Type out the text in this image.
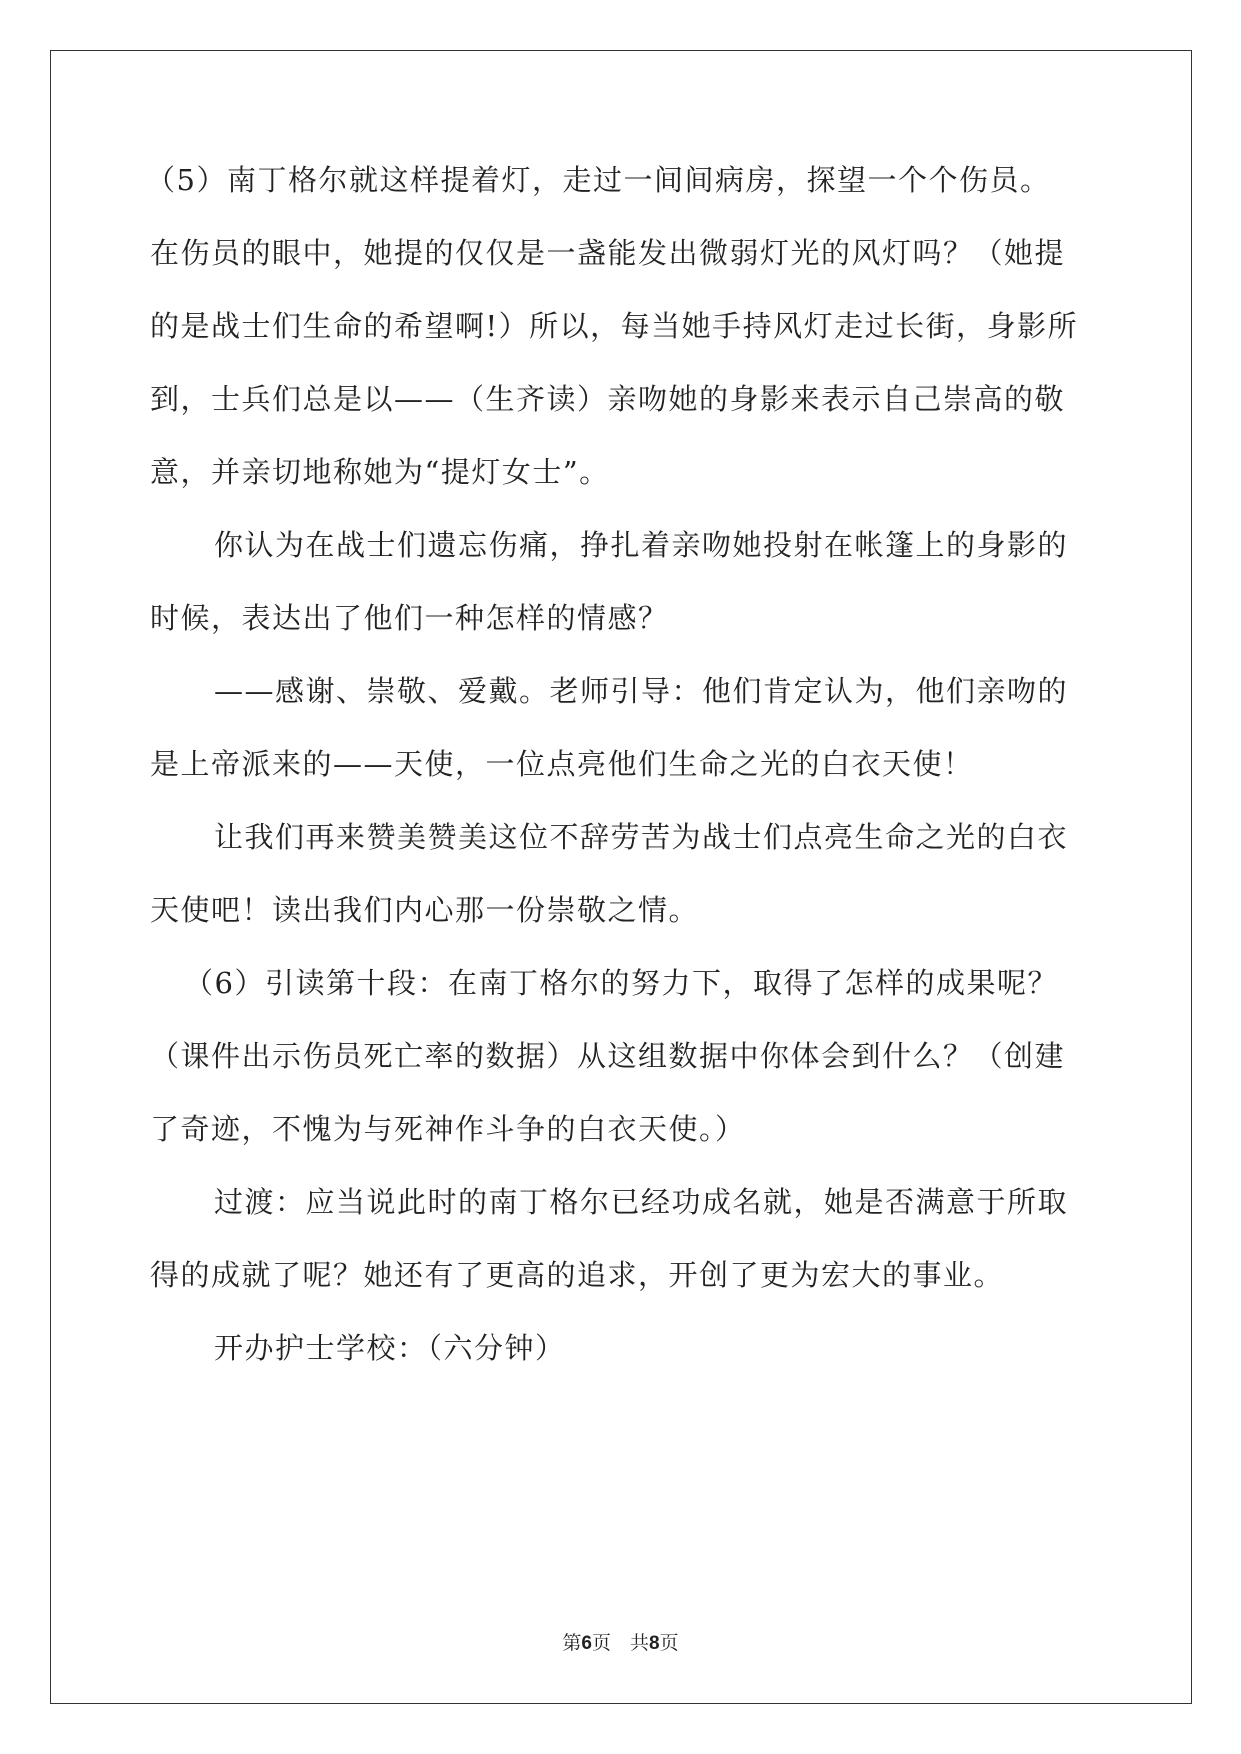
（5）南丁格尔就这样提着灯，走过一间间病房，探望一个个伤员。
在伤员的眼中，她提的仅仅是一盏能发出微弱灯光的风灯吗？（她提
的是战士们生命的希望啊!）所以，每当她手持风灯走过长街，身影所
到，士兵们总是以——（生齐读）亲吻她的身影来表示自己崇高的敬
意，并亲切地称她为“提灯女士”。
你认为在战士们遗忘伤痛，挣扎着亲吻她投射在帐篷上的身影的
时候，表达出了他们一种怎样的情感？
——感谢、崇敬、爱戴。老师引导：他们肯定认为，他们亲吻的
是上帝派来的——天使，一位点亮他们生命之光的白衣天使！
让我们再来赞美赞美这位不辞劳苦为战士们点亮生命之光的白衣
天使吧！读出我们内心那一份崇敬之情。
（6）引读第十段：在南丁格尔的努力下，取得了怎样的成果呢？
（课件出示伤员死亡率的数据）从这组数据中你体会到什么？（创建
了奇迹，不愧为与死神作斗争的白衣天使。）
过渡：应当说此时的南丁格尔已经功成名就，她是否满意于所取
得的成就了呢？她还有了更高的追求，开创了更为宏大的事业。
开办护士学校：（六分钟）
第6页　共8页
